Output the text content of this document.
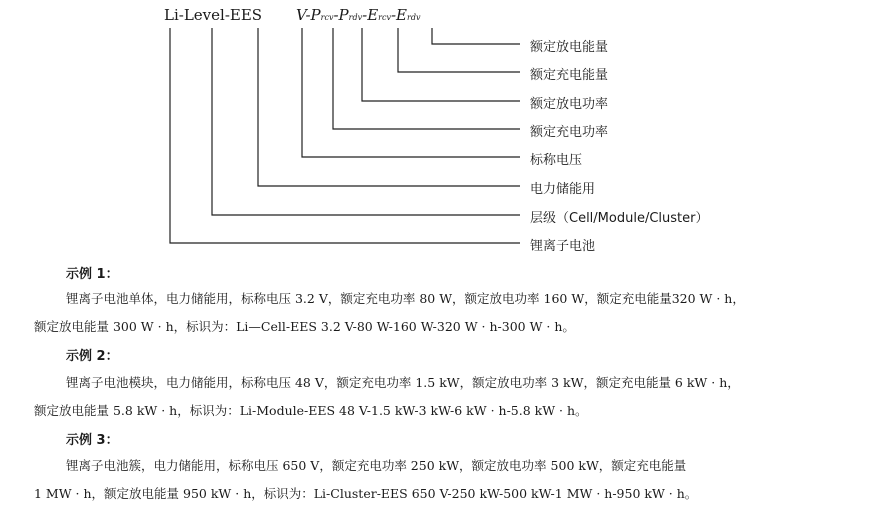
Li-Level-EES V-Prcv-Prdv-Ercv-Erdv
额定放电能量
额定充电能量
额定放电功率
额定充电功率
标称电压
电力储能用
层级（Cell/Module/Cluster）
锂离子电池
示例 1：
锂离子电池单体，电力储能用，标称电压 3.2 V，额定充电功率 80 W，额定放电功率 160 W，额定充电能量320 W · h，
额定放电能量 300 W · h，标识为：Li—Cell-EES 3.2 V-80 W-160 W-320 W · h-300 W · h。
示例 2：
锂离子电池模块，电力储能用，标称电压 48 V，额定充电功率 1.5 kW，额定放电功率 3 kW，额定充电能量 6 kW · h，
额定放电能量 5.8 kW · h，标识为：Li-Module-EES 48 V-1.5 kW-3 kW-6 kW · h-5.8 kW · h。
示例 3：
锂离子电池簇，电力储能用，标称电压 650 V，额定充电功率 250 kW，额定放电功率 500 kW，额定充电能量
1 MW · h，额定放电能量 950 kW · h，标识为：Li-Cluster-EES 650 V-250 kW-500 kW-1 MW · h-950 kW · h。
